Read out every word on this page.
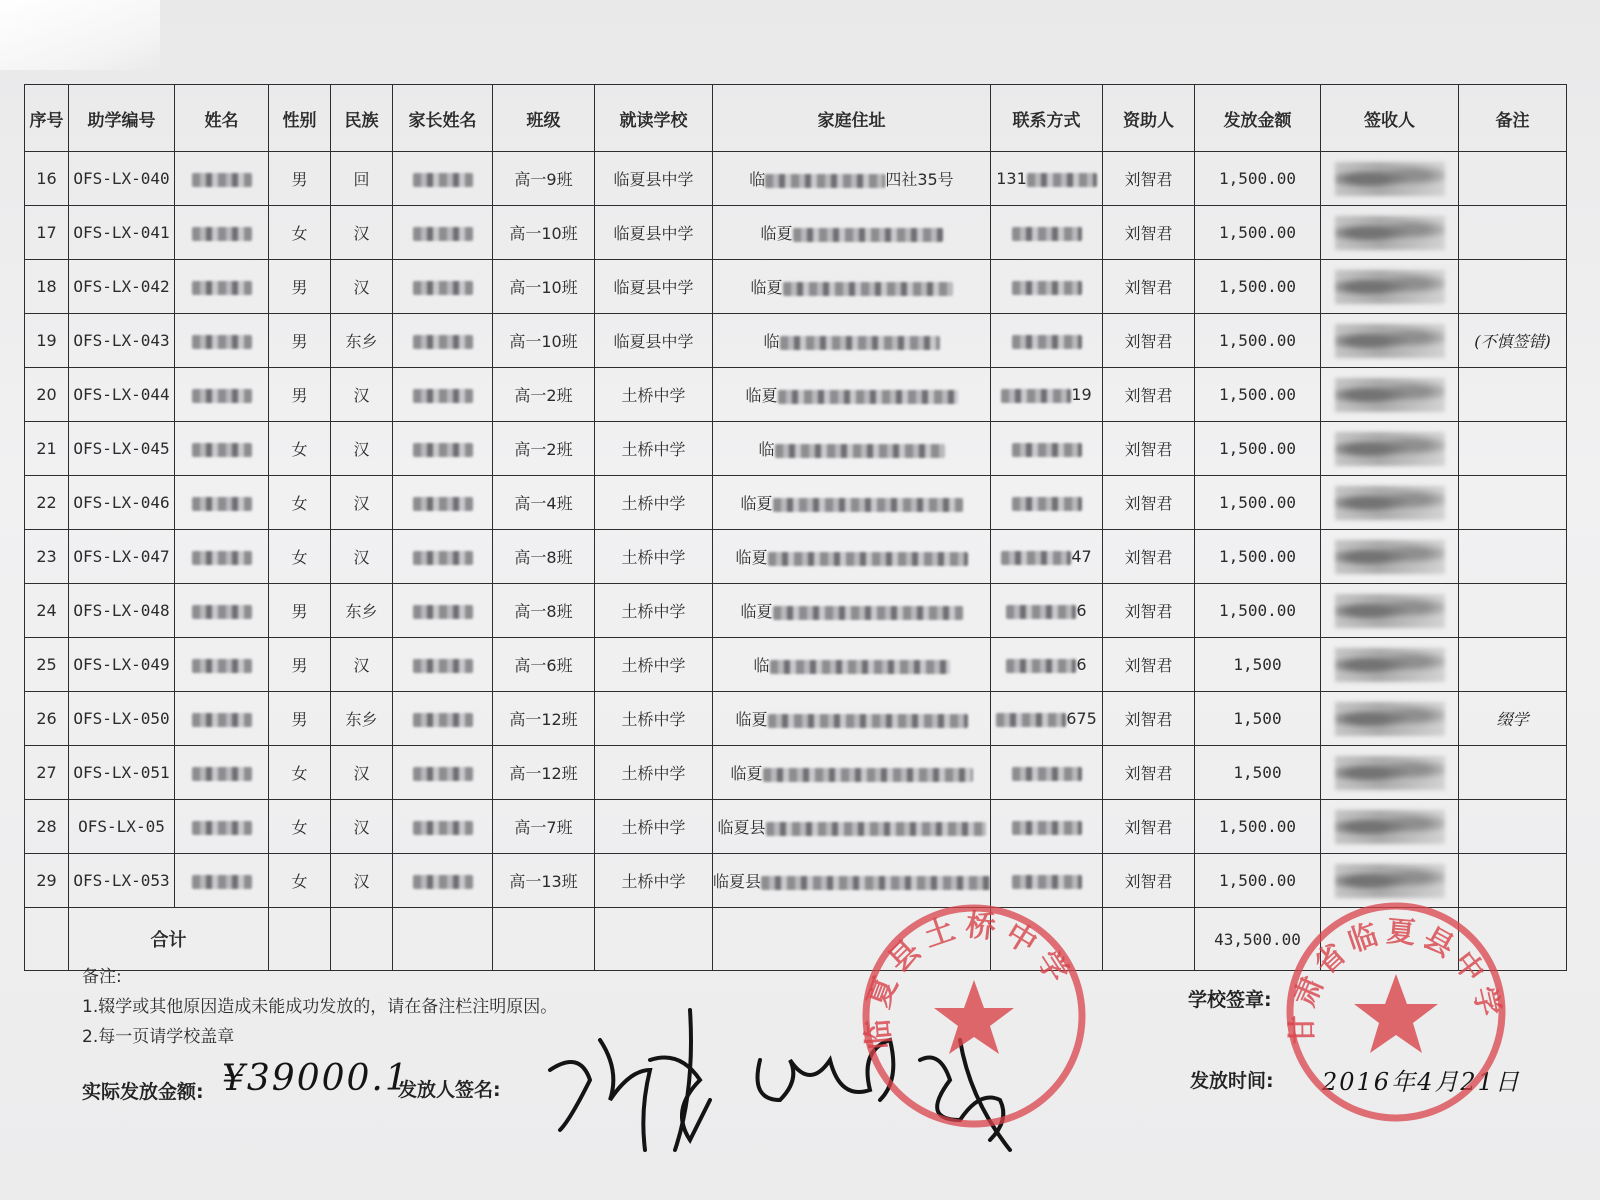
序号	助学编号	姓名	性别	民族	家长姓名	班级	就读学校	家庭住址	联系方式	资助人	发放金额	签收人	备注
16	OFS-LX-040		男	回		高一9班	临夏县中学	临 四社35号	131	刘智君	1,500.00		
17	OFS-LX-041		女	汉		高一10班	临夏县中学	临夏		刘智君	1,500.00		
18	OFS-LX-042		男	汉		高一10班	临夏县中学	临夏		刘智君	1,500.00		
19	OFS-LX-043		男	东乡		高一10班	临夏县中学	临		刘智君	1,500.00		(不慎签错)
20	OFS-LX-044		男	汉		高一2班	土桥中学	临夏	19	刘智君	1,500.00		
21	OFS-LX-045		女	汉		高一2班	土桥中学	临		刘智君	1,500.00		
22	OFS-LX-046		女	汉		高一4班	土桥中学	临夏		刘智君	1,500.00		
23	OFS-LX-047		女	汉		高一8班	土桥中学	临夏	47	刘智君	1,500.00		
24	OFS-LX-048		男	东乡		高一8班	土桥中学	临夏	6	刘智君	1,500.00		
25	OFS-LX-049		男	汉		高一6班	土桥中学	临	6	刘智君	1,500		
26	OFS-LX-050		男	东乡		高一12班	土桥中学	临夏	675	刘智君	1,500		缀学
27	OFS-LX-051		女	汉		高一12班	土桥中学	临夏		刘智君	1,500		
28	OFS-LX-05		女	汉		高一7班	土桥中学	临夏县		刘智君	1,500.00		
29	OFS-LX-053		女	汉		高一13班	土桥中学	临夏县		刘智君	1,500.00		
	合计										43,500.00		
备注:
1.辍学或其他原因造成未能成功发放的，请在备注栏注明原因。
2.每一页请学校盖章
实际发放金额: ¥39000.1
发放人签名:
学校签章:
发放时间: 2016年4月21日
临夏县土桥中学
甘肃省临夏县中学
